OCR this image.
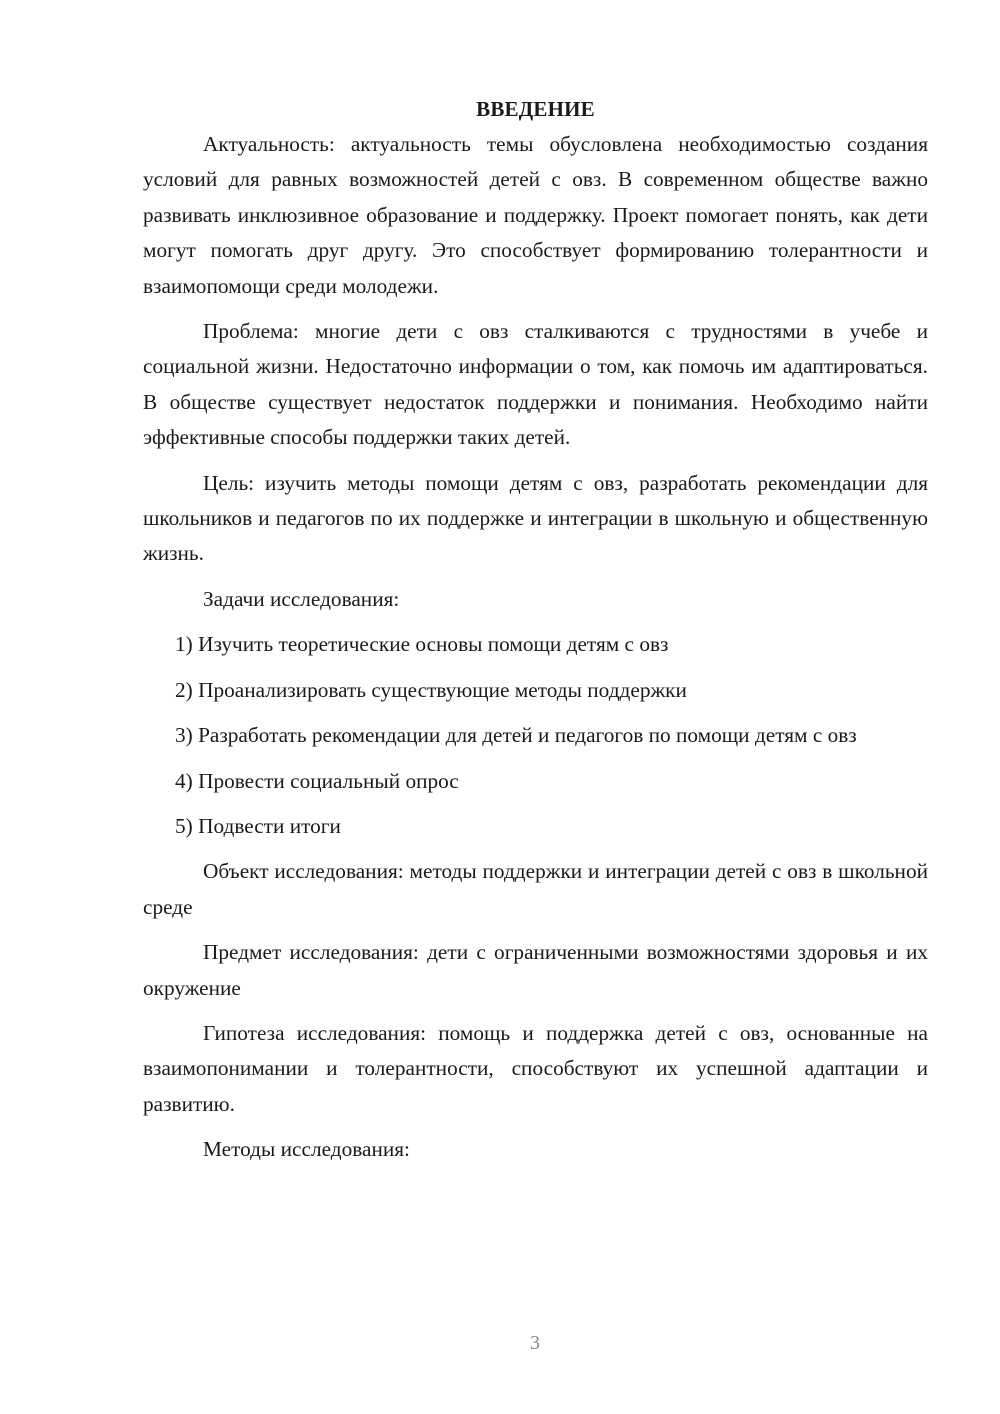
ВВЕДЕНИЕ

Актуальность: актуальность темы обусловлена необходимостью создания условий для равных возможностей детей с овз. В современном обществе важно развивать инклюзивное образование и поддержку. Проект помогает понять, как дети могут помогать друг другу. Это способствует формированию толерантности и взаимопомощи среди молодежи.

Проблема: многие дети с овз сталкиваются с трудностями в учебе и социальной жизни. Недостаточно информации о том, как помочь им адаптироваться. В обществе существует недостаток поддержки и понимания. Необходимо найти эффективные способы поддержки таких детей.

Цель: изучить методы помощи детям с овз, разработать рекомендации для школьников и педагогов по их поддержке и интеграции в школьную и общественную жизнь.

Задачи исследования:

1) Изучить теоретические основы помощи детям с овз

2) Проанализировать существующие методы поддержки

3) Разработать рекомендации для детей и педагогов по помощи детям с овз

4) Провести социальный опрос

5) Подвести итоги

Объект исследования: методы поддержки и интеграции детей с овз в школьной среде

Предмет исследования: дети с ограниченными возможностями здоровья и их окружение

Гипотеза исследования: помощь и поддержка детей с овз, основанные на взаимопонимании и толерантности, способствуют их успешной адаптации и развитию.

Методы исследования:

3
